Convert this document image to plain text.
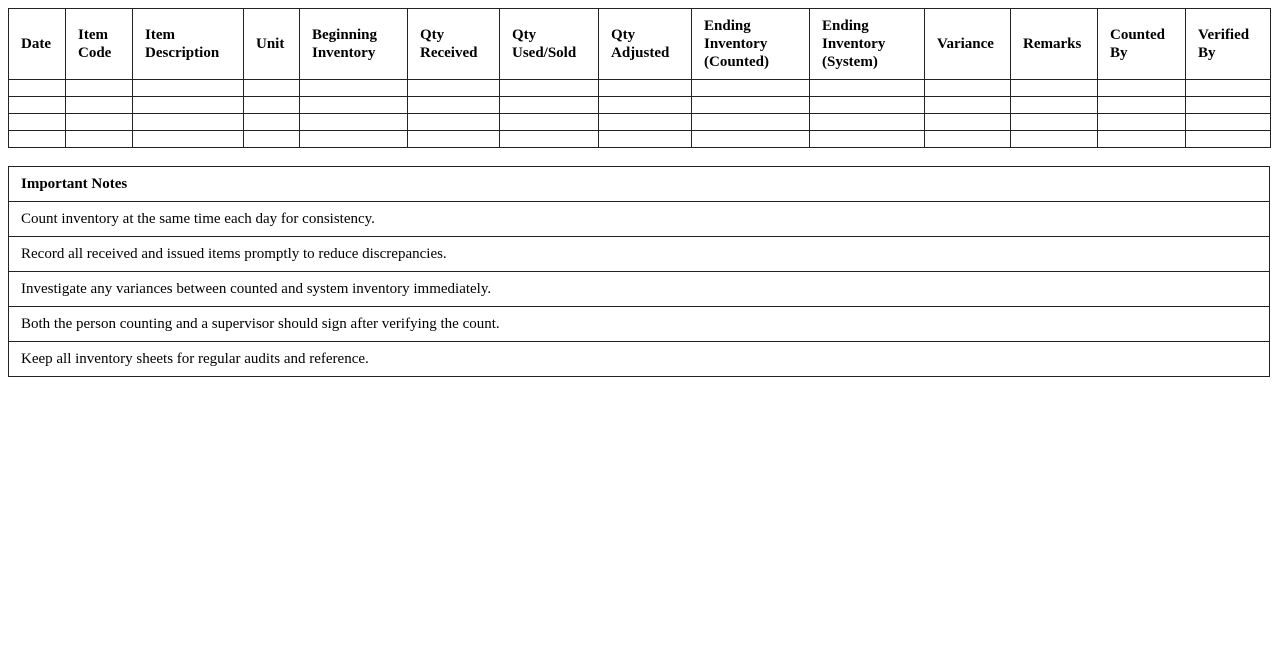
Date	Item Code	Item Description	Unit	Beginning Inventory	Qty Received	Qty Used/Sold	Qty Adjusted	Ending Inventory (Counted)	Ending Inventory (System)	Variance	Remarks	Counted By	Verified By

Important Notes
Count inventory at the same time each day for consistency.
Record all received and issued items promptly to reduce discrepancies.
Investigate any variances between counted and system inventory immediately.
Both the person counting and a supervisor should sign after verifying the count.
Keep all inventory sheets for regular audits and reference.
